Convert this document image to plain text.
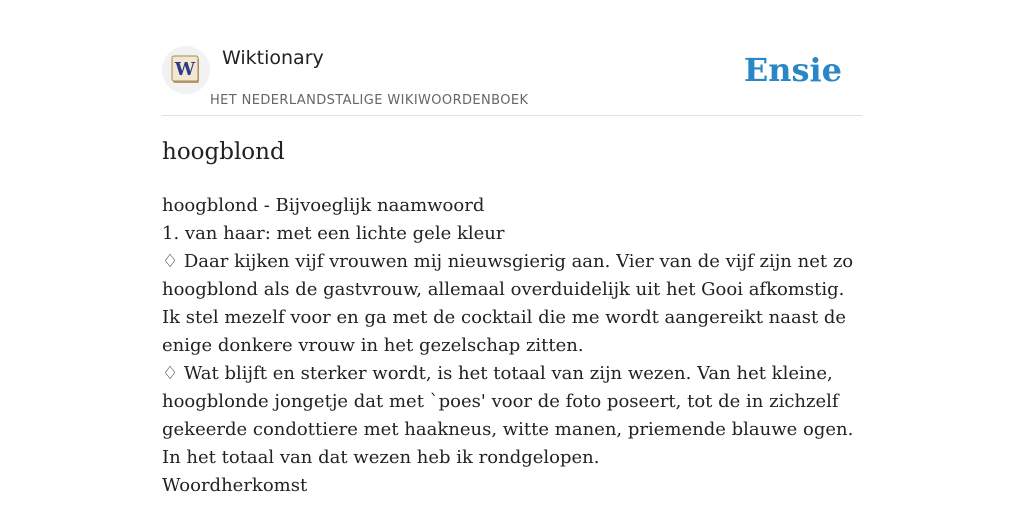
W
Wiktionary
HET NEDERLANDSTALIGE WIKIWOORDENBOEK
Ensie
hoogblond
hoogblond - Bijvoeglijk naamwoord
1. van haar: met een lichte gele kleur
♢ Daar kijken vijf vrouwen mij nieuwsgierig aan. Vier van de vijf zijn net zo hoogblond als de gastvrouw, allemaal overduidelijk uit het Gooi afkomstig. Ik stel mezelf voor en ga met de cocktail die me wordt aangereikt naast de enige donkere vrouw in het gezelschap zitten.
♢ Wat blijft en sterker wordt, is het totaal van zijn wezen. Van het kleine, hoogblonde jongetje dat met `poes' voor de foto poseert, tot de in zichzelf gekeerde condottiere met haakneus, witte manen, priemende blauwe ogen. In het totaal van dat wezen heb ik rondgelopen.
Woordherkomst
